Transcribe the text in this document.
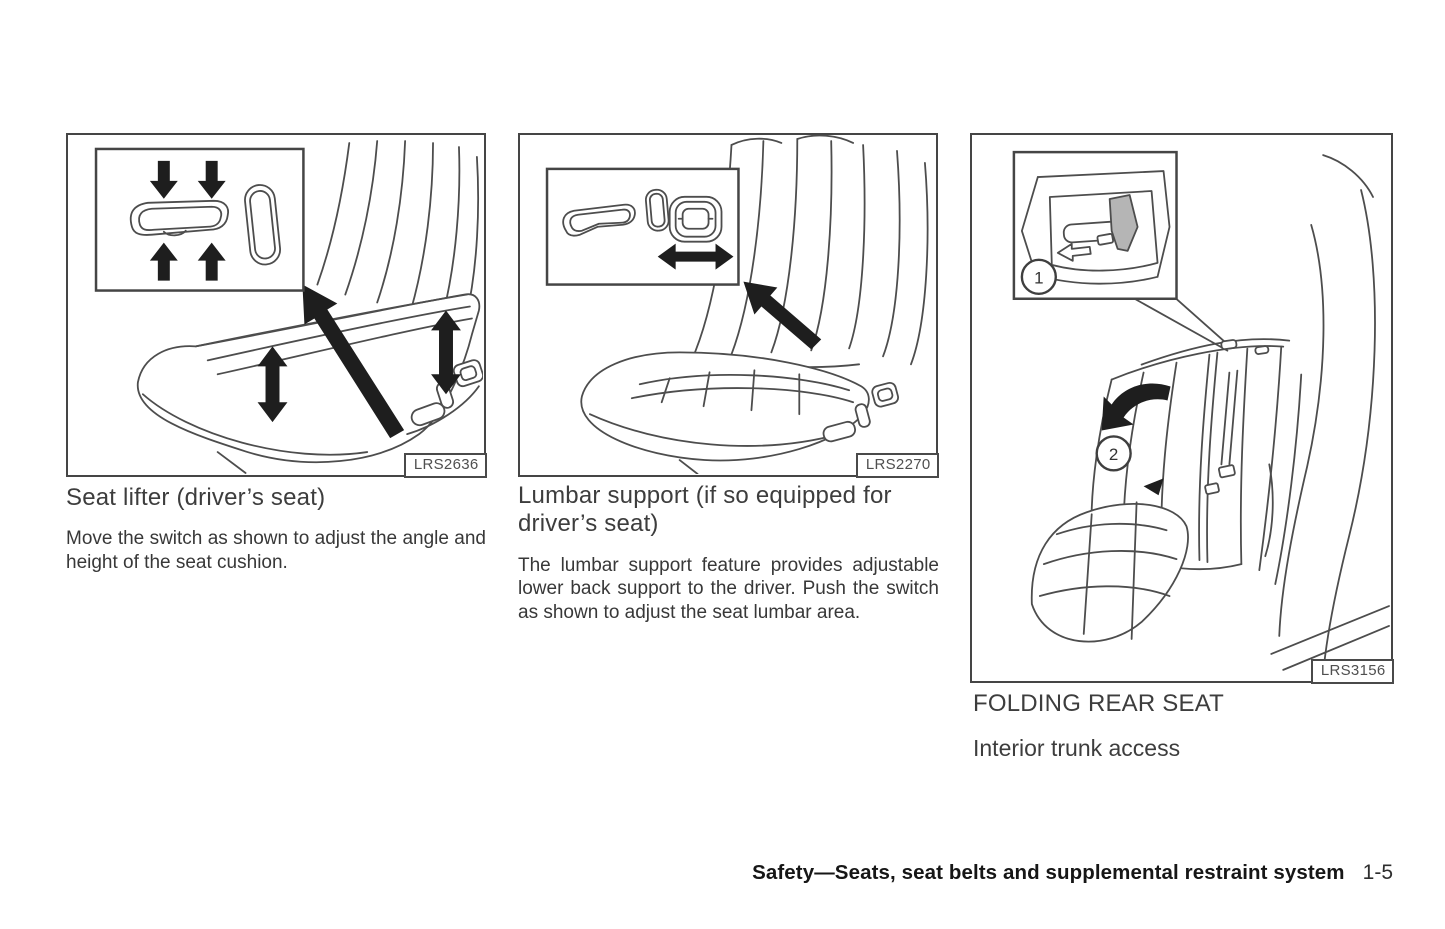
LRS2636	LRS2270
2
1
LRS3156
Seat lifter (driver’s seat)

Move the switch as shown to adjust the angle and height of the seat cushion.

Lumbar support (if so equipped for driver’s seat)

The lumbar support feature provides adjustable lower back support to the driver. Push the switch as shown to adjust the seat lumbar area.

FOLDING REAR SEAT
Interior trunk access
Safety—Seats, seat belts and supplemental restraint system 1-5
